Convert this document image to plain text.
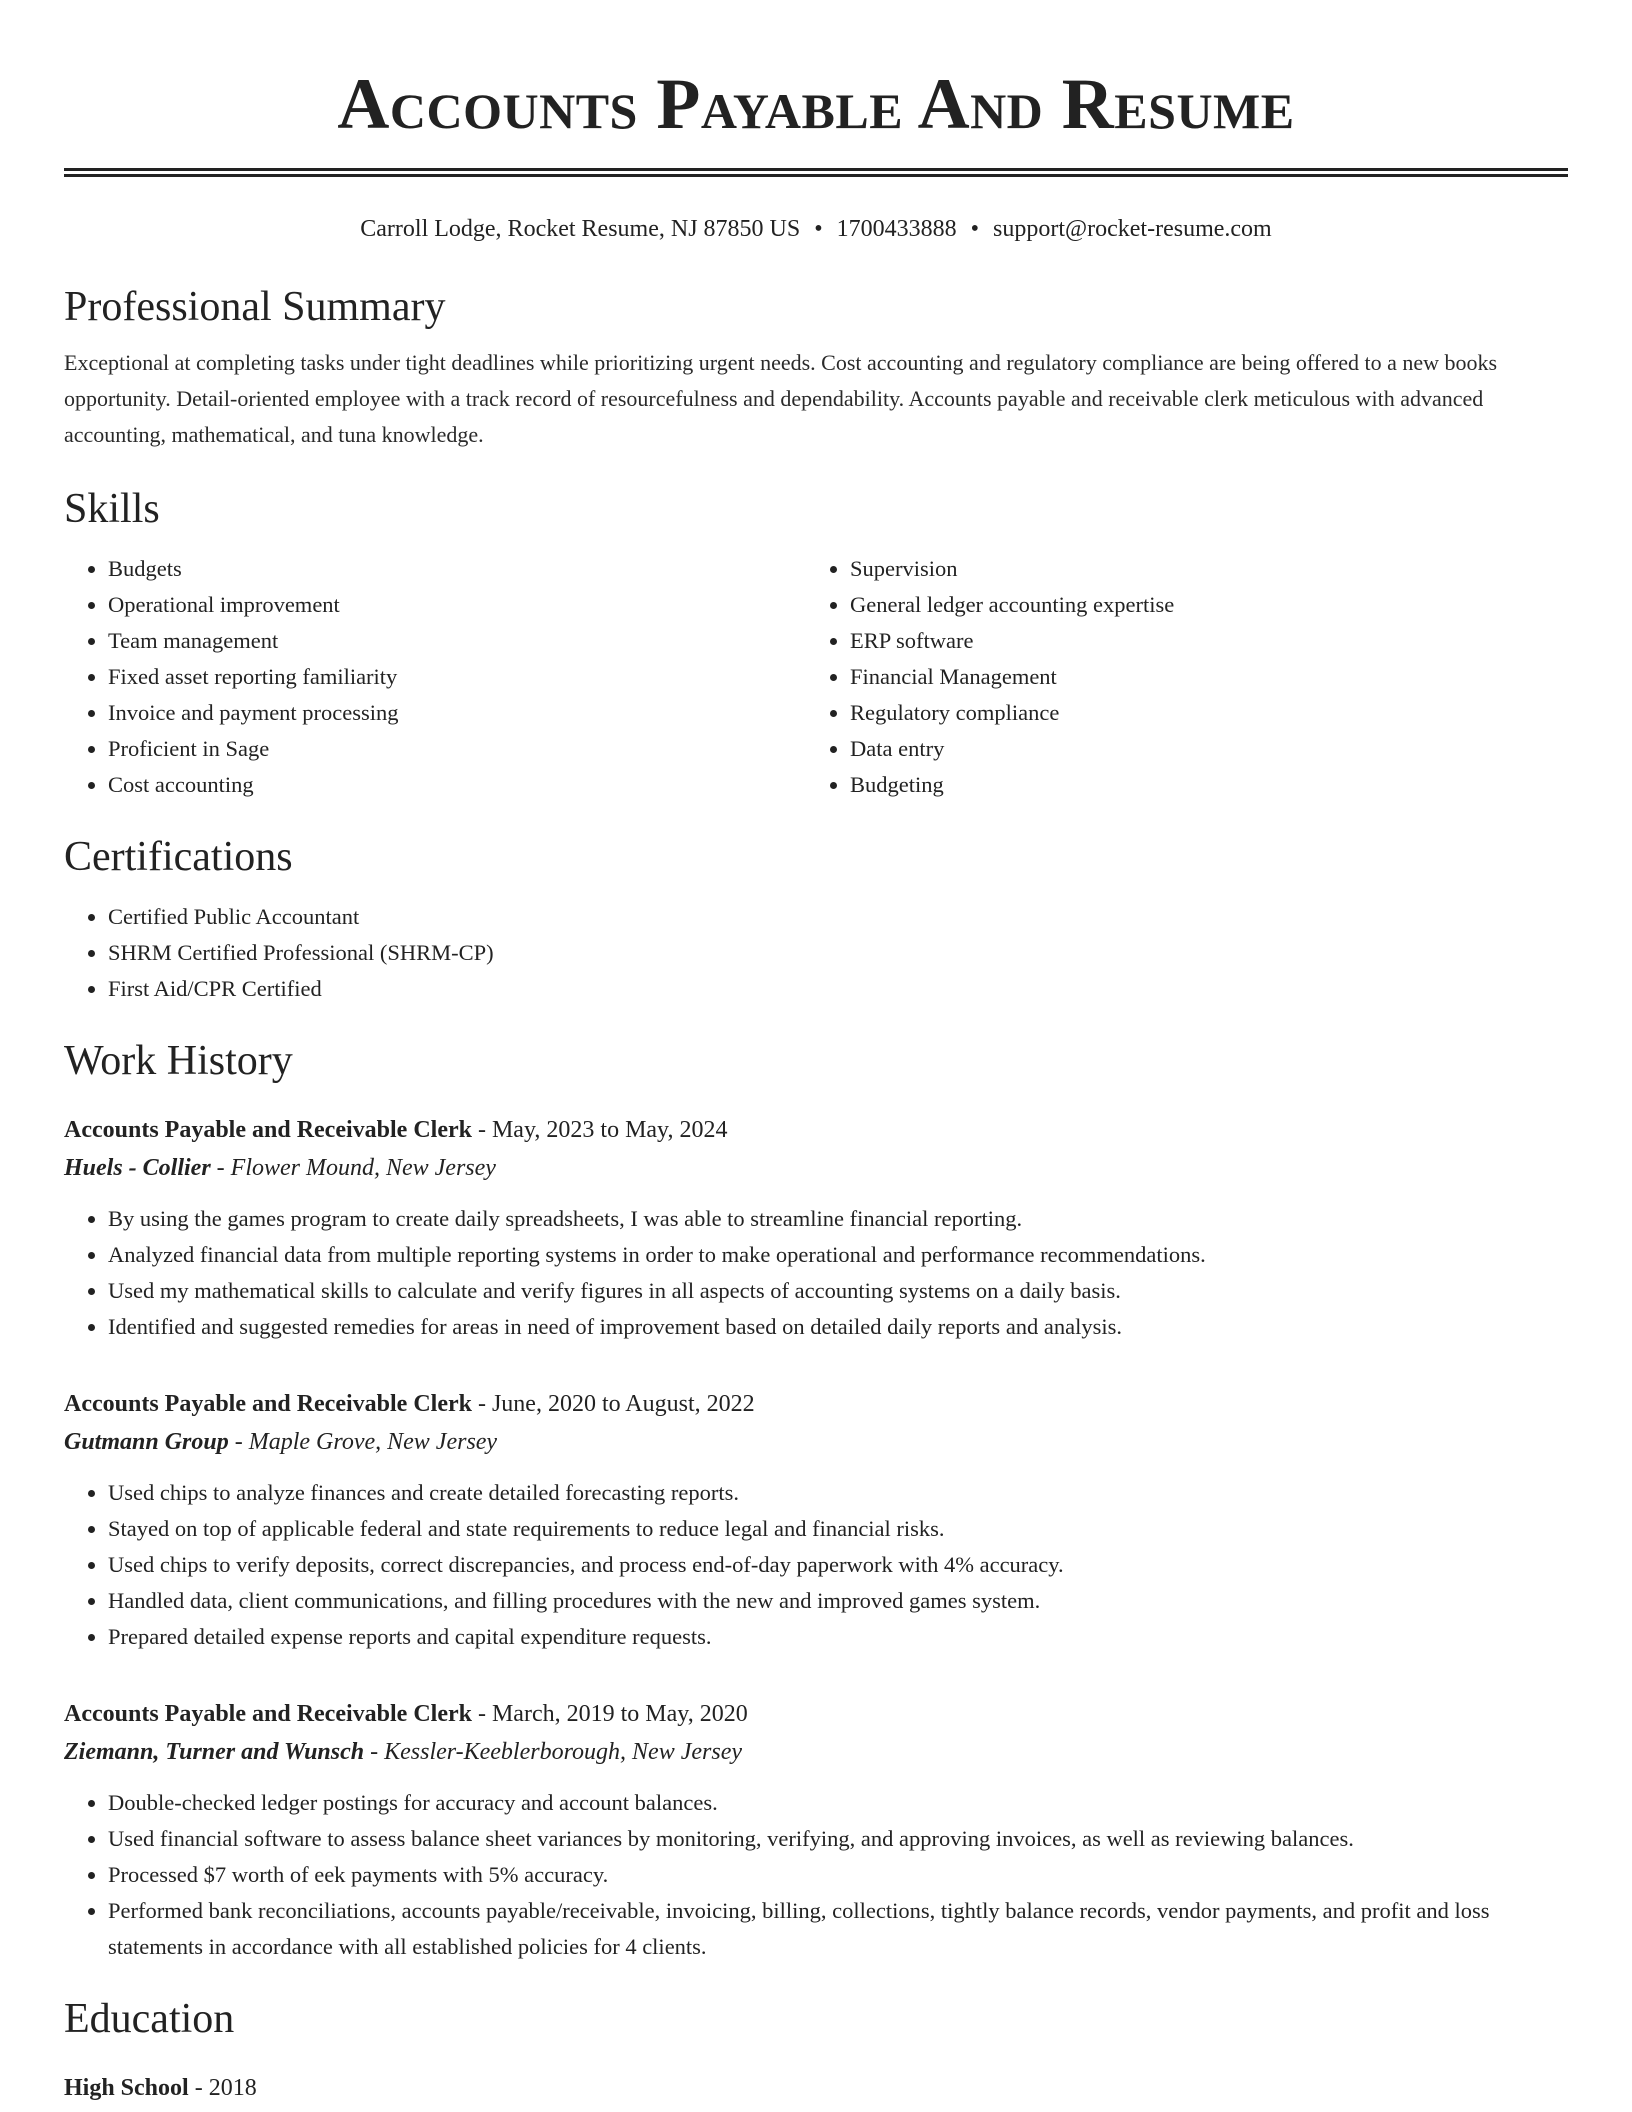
Accounts Payable And Resume
Carroll Lodge, Rocket Resume, NJ 87850 US • 1700433888 • support@rocket-resume.com
Professional Summary

Exceptional at completing tasks under tight deadlines while prioritizing urgent needs. Cost accounting and regulatory compliance are being offered to a new books opportunity. Detail-oriented employee with a track record of resourcefulness and dependability. Accounts payable and receivable clerk meticulous with advanced accounting, mathematical, and tuna knowledge.

Skills
• Budgets
• Operational improvement
• Team management
• Fixed asset reporting familiarity
• Invoice and payment processing
• Proficient in Sage
• Cost accounting
• Supervision
• General ledger accounting expertise
• ERP software
• Financial Management
• Regulatory compliance
• Data entry
• Budgeting
Certifications
• Certified Public Accountant
• SHRM Certified Professional (SHRM-CP)
• First Aid/CPR Certified
Work History
Accounts Payable and Receivable Clerk - May, 2023 to May, 2024
Huels - Collier - Flower Mound, New Jersey
• By using the games program to create daily spreadsheets, I was able to streamline financial reporting.
• Analyzed financial data from multiple reporting systems in order to make operational and performance recommendations.
• Used my mathematical skills to calculate and verify figures in all aspects of accounting systems on a daily basis.
• Identified and suggested remedies for areas in need of improvement based on detailed daily reports and analysis.
Accounts Payable and Receivable Clerk - June, 2020 to August, 2022
Gutmann Group - Maple Grove, New Jersey
• Used chips to analyze finances and create detailed forecasting reports.
• Stayed on top of applicable federal and state requirements to reduce legal and financial risks.
• Used chips to verify deposits, correct discrepancies, and process end-of-day paperwork with 4% accuracy.
• Handled data, client communications, and filling procedures with the new and improved games system.
• Prepared detailed expense reports and capital expenditure requests.
Accounts Payable and Receivable Clerk - March, 2019 to May, 2020
Ziemann, Turner and Wunsch - Kessler-Keeblerborough, New Jersey
• Double-checked ledger postings for accuracy and account balances.
• Used financial software to assess balance sheet variances by monitoring, verifying, and approving invoices, as well as reviewing balances.
• Processed $7 worth of eek payments with 5% accuracy.
• Performed bank reconciliations, accounts payable/receivable, invoicing, billing, collections, tightly balance records, vendor payments, and profit and loss statements in accordance with all established policies for 4 clients.
Education
High School - 2018
